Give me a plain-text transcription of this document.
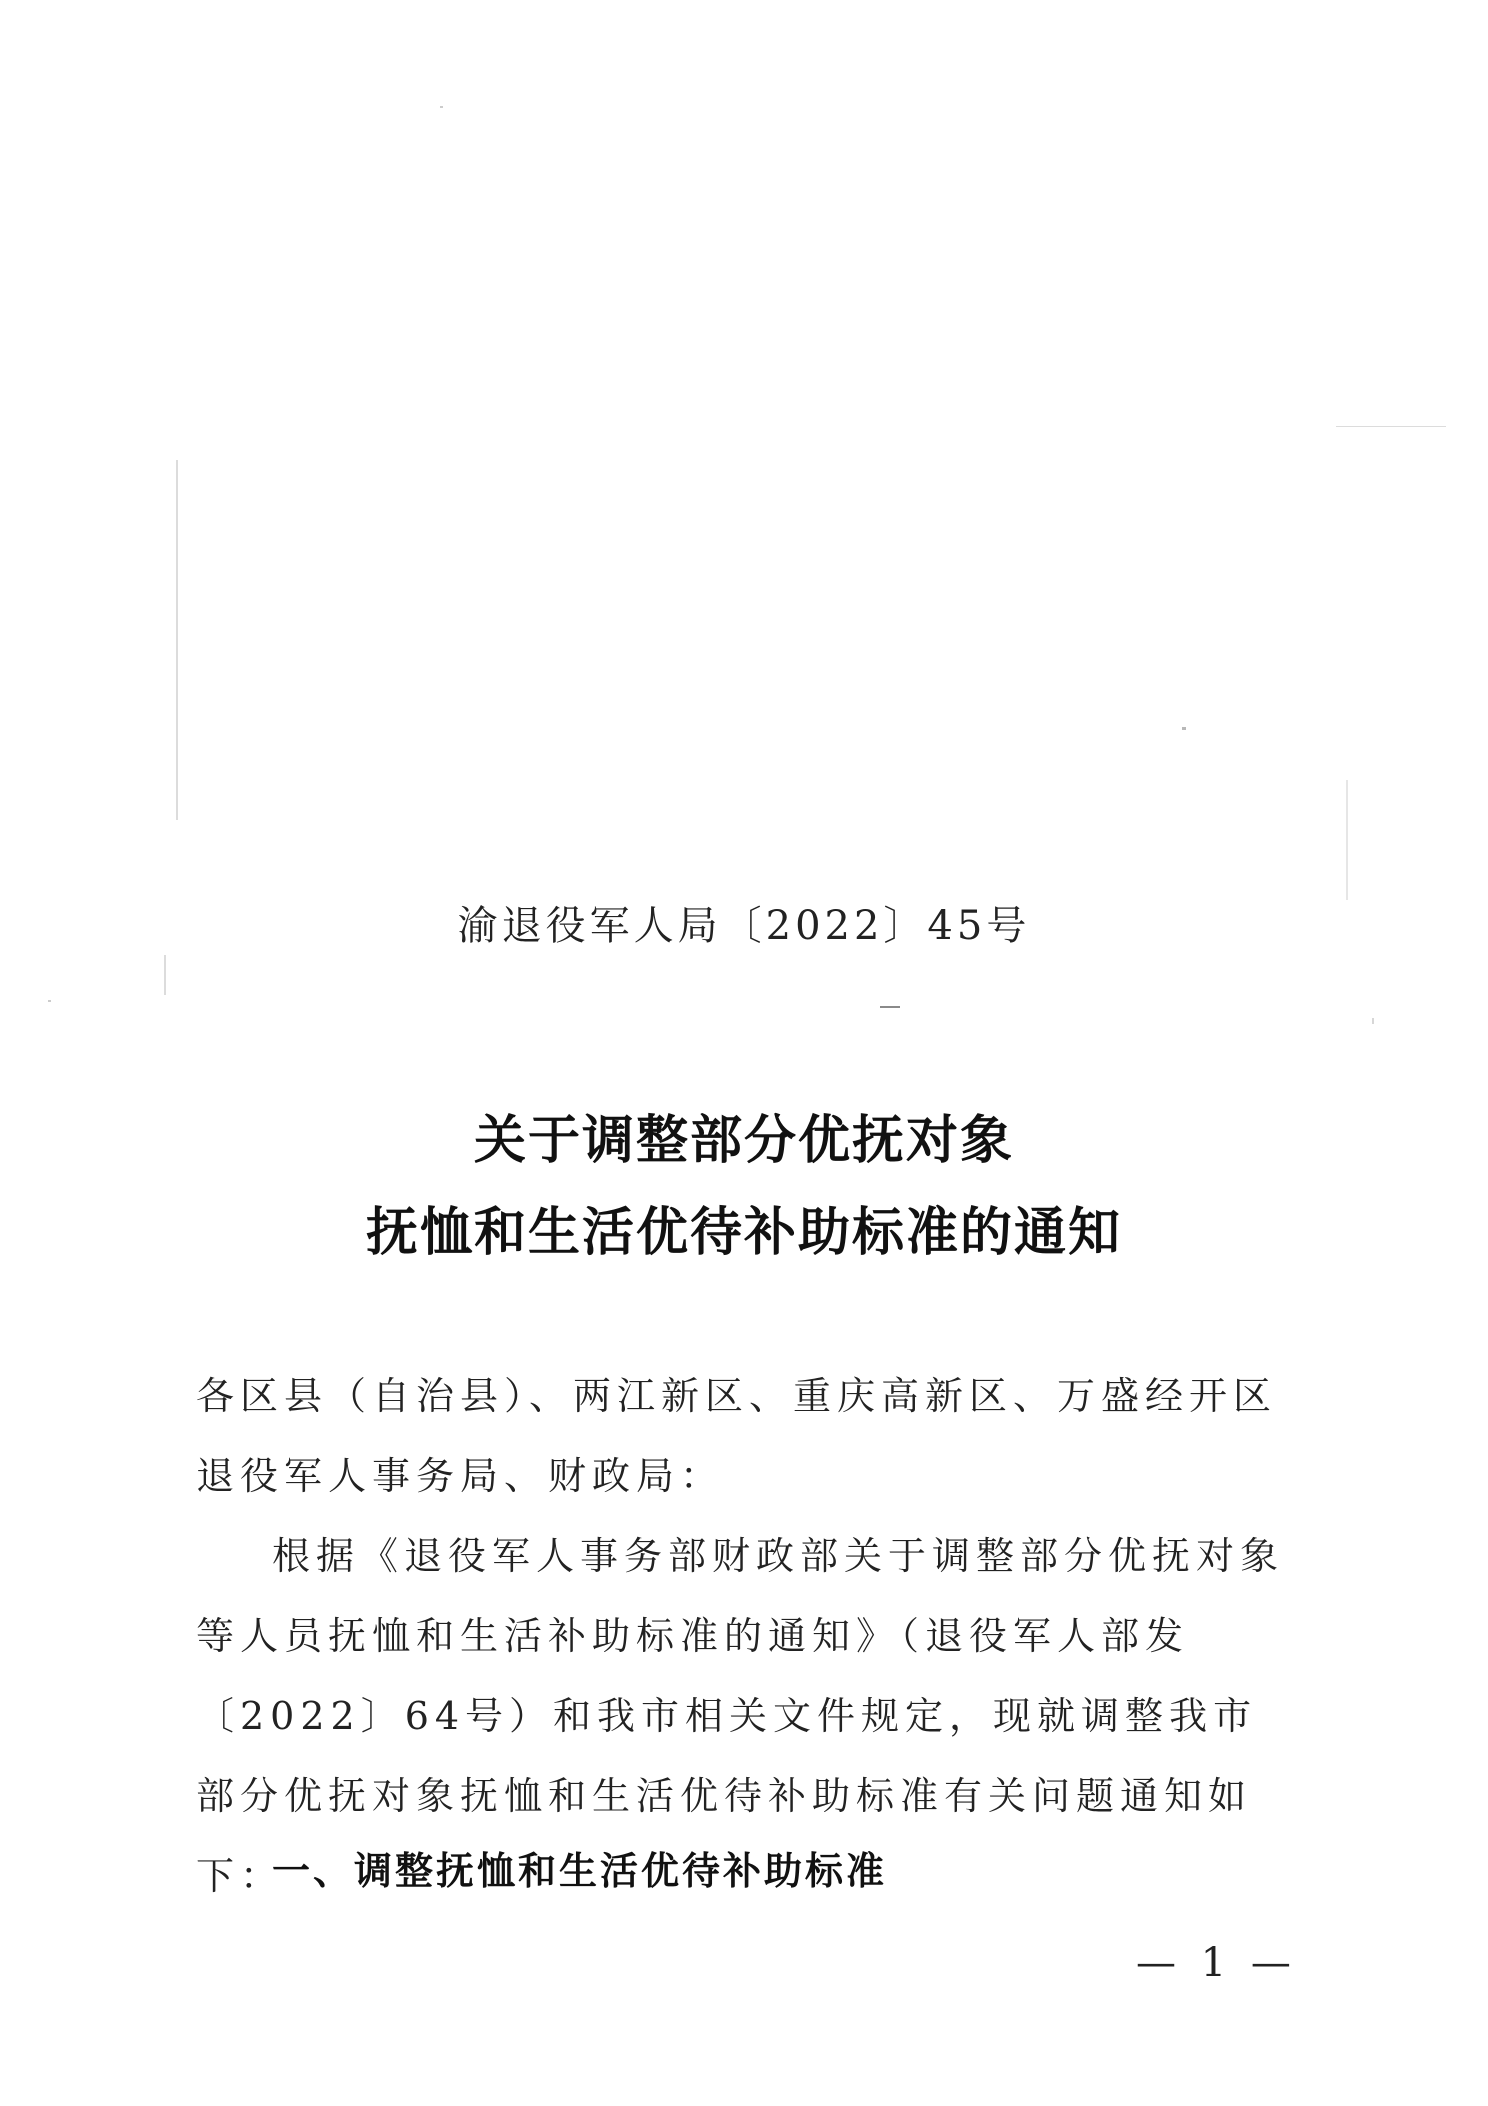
渝退役军人局〔2022〕45号
关于调整部分优抚对象
抚恤和生活优待补助标准的通知
各区县（自治县）、两江新区、重庆高新区、万盛经开区退役军人事务局、财政局：
根据《退役军人事务部财政部关于调整部分优抚对象等人员抚恤和生活补助标准的通知》（退役军人部发〔2022〕64号）和我市相关文件规定，现就调整我市部分优抚对象抚恤和生活优待补助标准有关问题通知如下：
一、调整抚恤和生活优待补助标准
— 1 —
